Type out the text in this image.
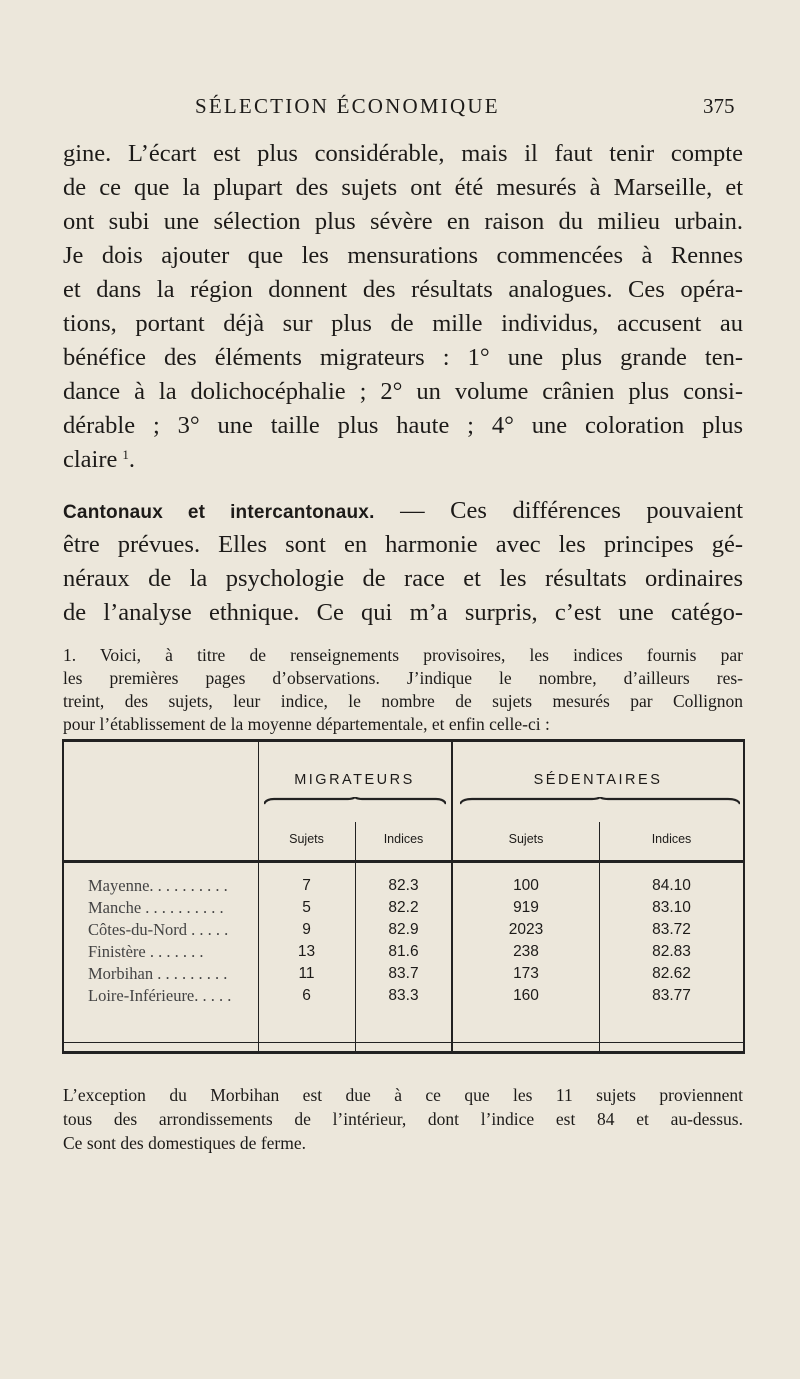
SÉLECTION ÉCONOMIQUE	375
gine. L’écart est plus considérable, mais il faut tenir compte
de ce que la plupart des sujets ont été mesurés à Marseille, et
ont subi une sélection plus sévère en raison du milieu urbain.
Je dois ajouter que les mensurations commencées à Rennes
et dans la région donnent des résultats analogues. Ces opéra-
tions, portant déjà sur plus de mille individus, accusent au
bénéfice des éléments migrateurs : 1° une plus grande ten-
dance à la dolichocéphalie ; 2° un volume crânien plus consi-
dérable ; 3° une taille plus haute ; 4° une coloration plus
claire  $^1$.
Cantonaux et intercantonaux. — Ces différences pouvaient
être prévues. Elles sont en harmonie avec les principes gé-
néraux de la psychologie de race et les résultats ordinaires
de l’analyse ethnique. Ce qui m’a surpris, c’est une catégo-
1. Voici, à titre de renseignements provisoires, les indices fournis par
les premières pages d’observations. J’indique le nombre, d’ailleurs res-
treint, des sujets, leur indice, le nombre de sujets mesurés par Collignon
pour l’établissement de la moyenne départementale, et enfin celle-ci :
MIGRATEURS	SÉDENTAIRES
Sujets	Indices	Sujets	Indices
Mayenne. . . . . . . . . .	7	82.3	100	84.10
Manche . . . . . . . . . .	5	82.2	919	83.10
Côtes-du-Nord . . . . .	9	82.9	2023	83.72
Finistère . . . . . . .	13	81.6	238	82.83
Morbihan . . . . . . . . .	11	83.7	173	82.62
Loire-Inférieure. . . . .	6	83.3	160	83.77
L’exception du Morbihan est due à ce que les 11 sujets proviennent
tous des arrondissements de l’intérieur, dont l’indice est 84 et au-dessus.
Ce sont des domestiques de ferme.
